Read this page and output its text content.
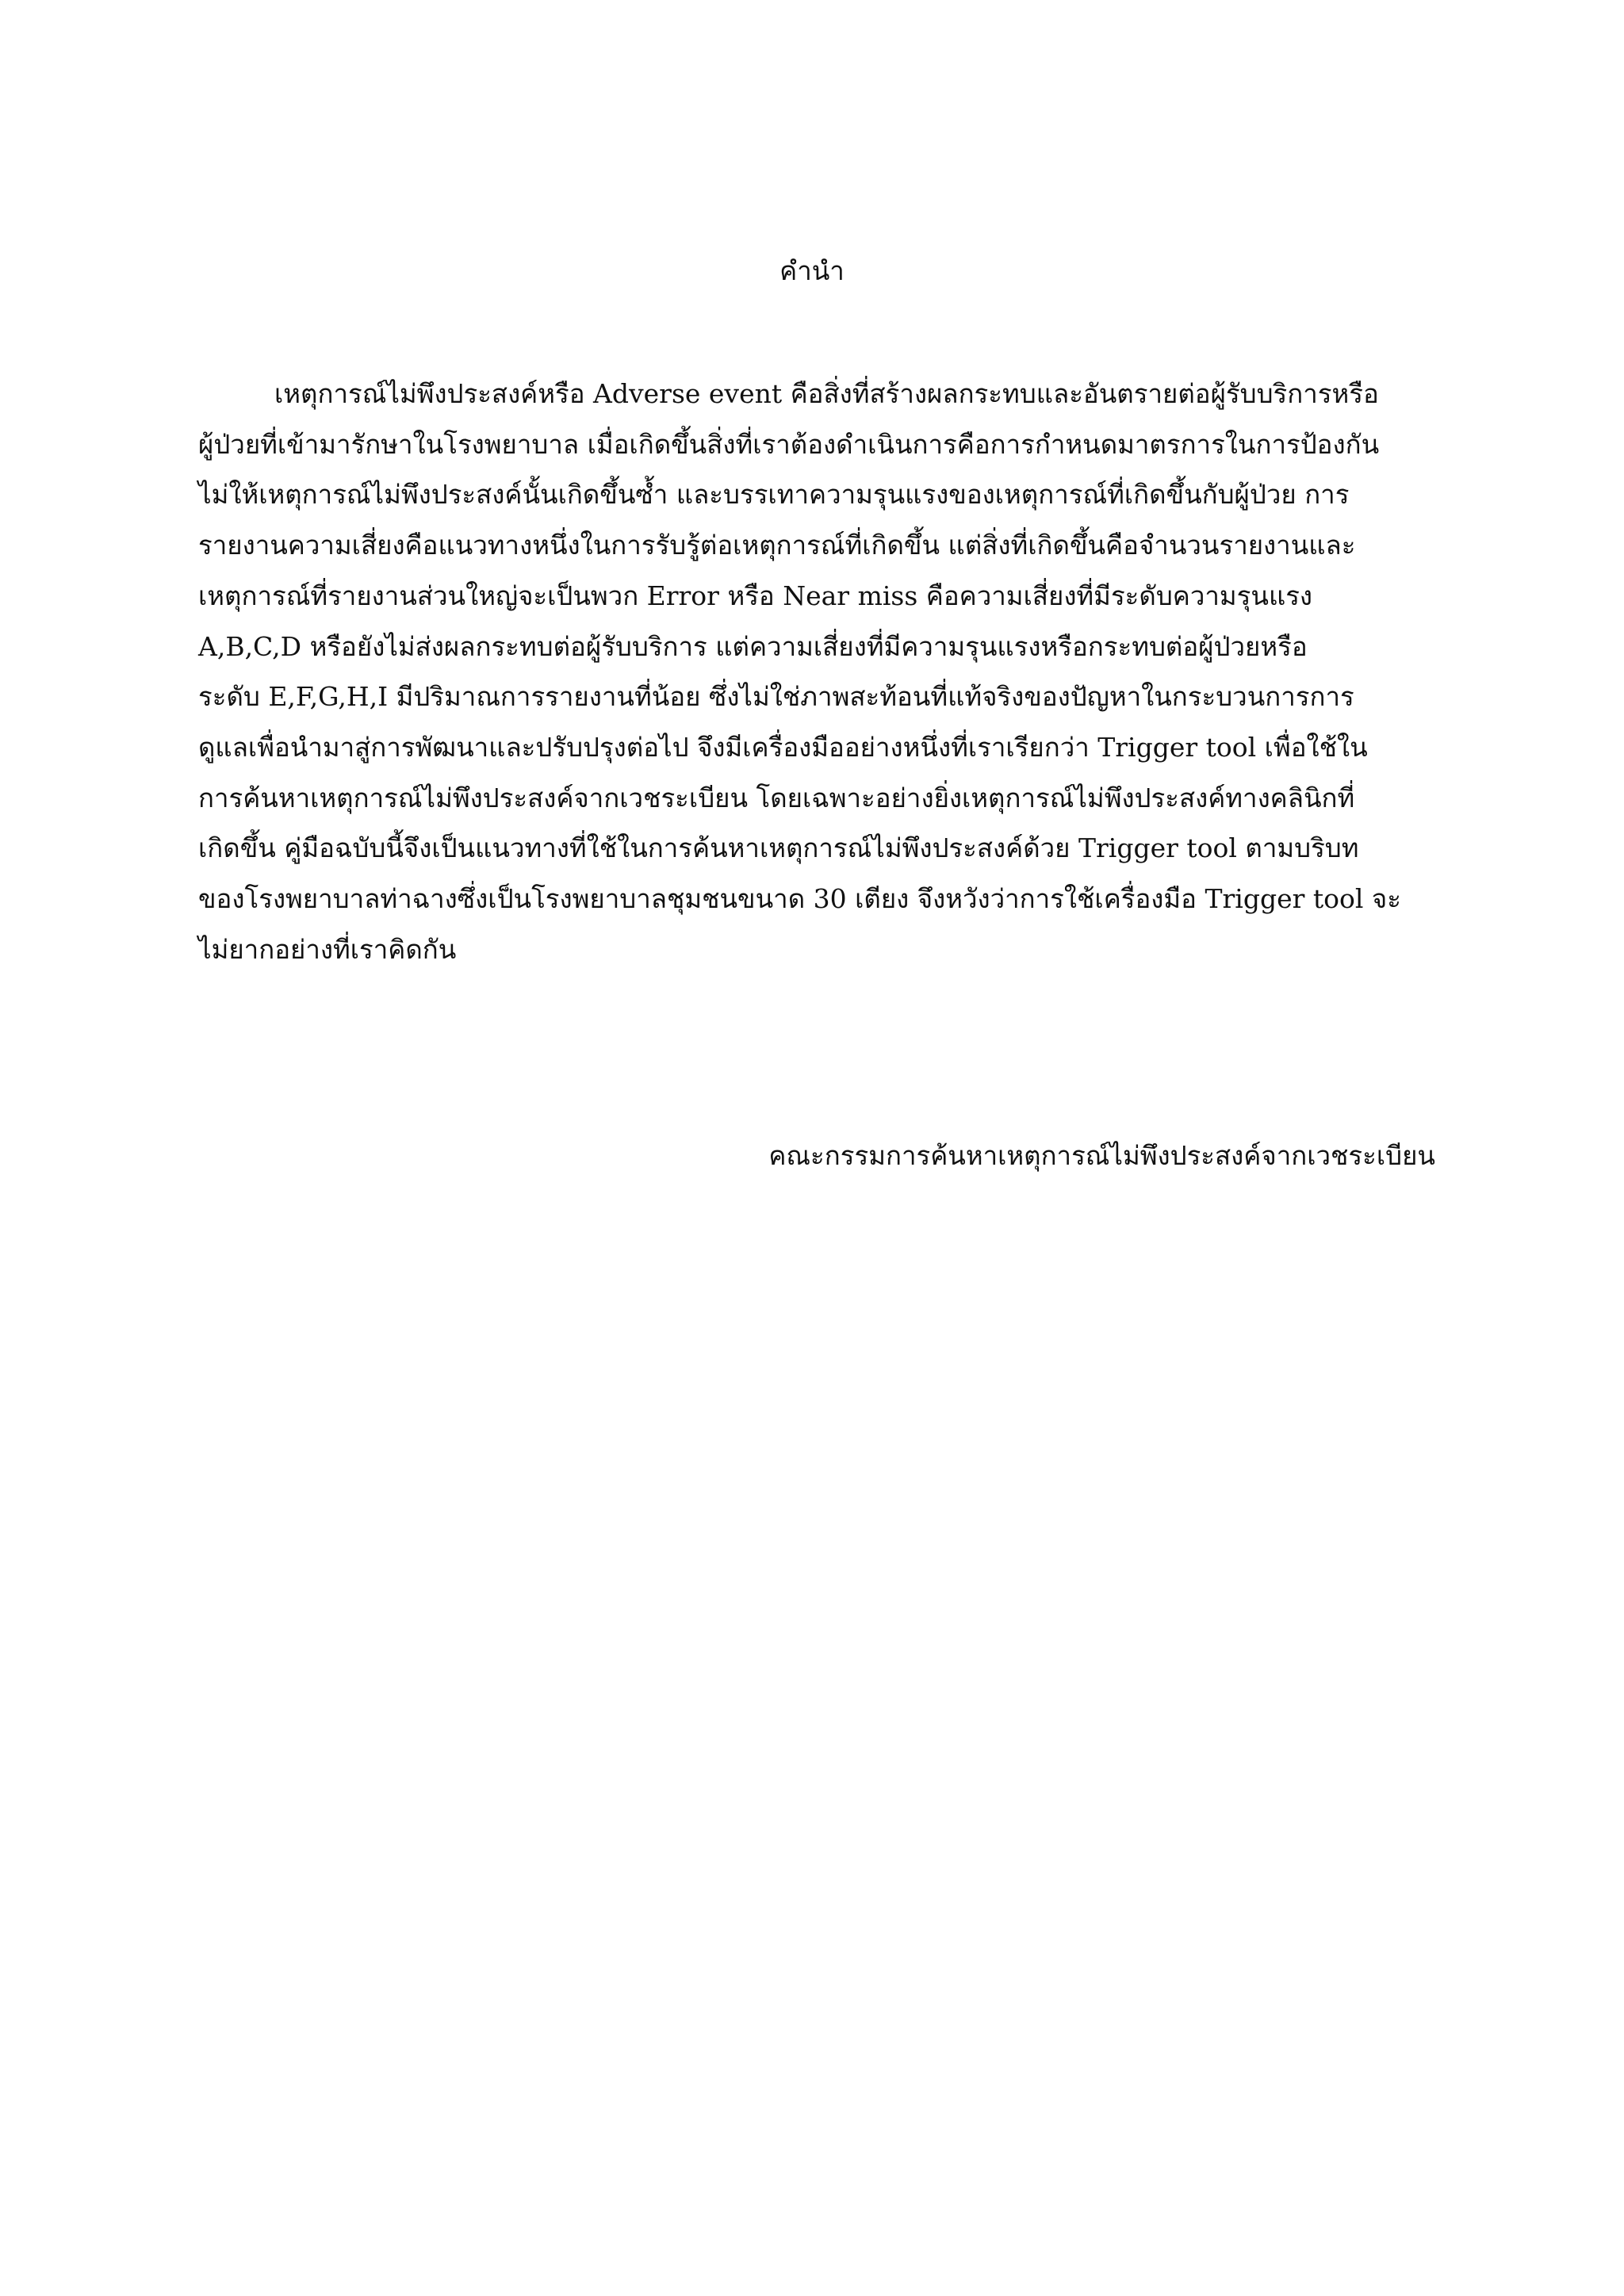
คำนำ
เหตุการณ์ไม่พึงประสงค์หรือ Adverse event คือสิ่งที่สร้างผลกระทบและอันตรายต่อผู้รับบริการหรือ
ผู้ป่วยที่เข้ามารักษาในโรงพยาบาล เมื่อเกิดขึ้นสิ่งที่เราต้องดำเนินการคือการกำหนดมาตรการในการป้องกัน
ไม่ให้เหตุการณ์ไม่พึงประสงค์นั้นเกิดขึ้นซ้ำ และบรรเทาความรุนแรงของเหตุการณ์ที่เกิดขึ้นกับผู้ป่วย การ
รายงานความเสี่ยงคือแนวทางหนึ่งในการรับรู้ต่อเหตุการณ์ที่เกิดขึ้น แต่สิ่งที่เกิดขึ้นคือจำนวนรายงานและ
เหตุการณ์ที่รายงานส่วนใหญ่จะเป็นพวก Error หรือ Near miss คือความเสี่ยงที่มีระดับความรุนแรง
A,B,C,D หรือยังไม่ส่งผลกระทบต่อผู้รับบริการ แต่ความเสี่ยงที่มีความรุนแรงหรือกระทบต่อผู้ป่วยหรือ
ระดับ E,F,G,H,I มีปริมาณการรายงานที่น้อย ซึ่งไม่ใช่ภาพสะท้อนที่แท้จริงของปัญหาในกระบวนการการ
ดูแลเพื่อนำมาสู่การพัฒนาและปรับปรุงต่อไป จึงมีเครื่องมืออย่างหนึ่งที่เราเรียกว่า Trigger tool เพื่อใช้ใน
การค้นหาเหตุการณ์ไม่พึงประสงค์จากเวชระเบียน โดยเฉพาะอย่างยิ่งเหตุการณ์ไม่พึงประสงค์ทางคลินิกที่
เกิดขึ้น คู่มือฉบับนี้จึงเป็นแนวทางที่ใช้ในการค้นหาเหตุการณ์ไม่พึงประสงค์ด้วย Trigger tool ตามบริบท
ของโรงพยาบาลท่าฉางซึ่งเป็นโรงพยาบาลชุมชนขนาด 30 เตียง จึงหวังว่าการใช้เครื่องมือ Trigger tool จะ
ไม่ยากอย่างที่เราคิดกัน
คณะกรรมการค้นหาเหตุการณ์ไม่พึงประสงค์จากเวชระเบียน
